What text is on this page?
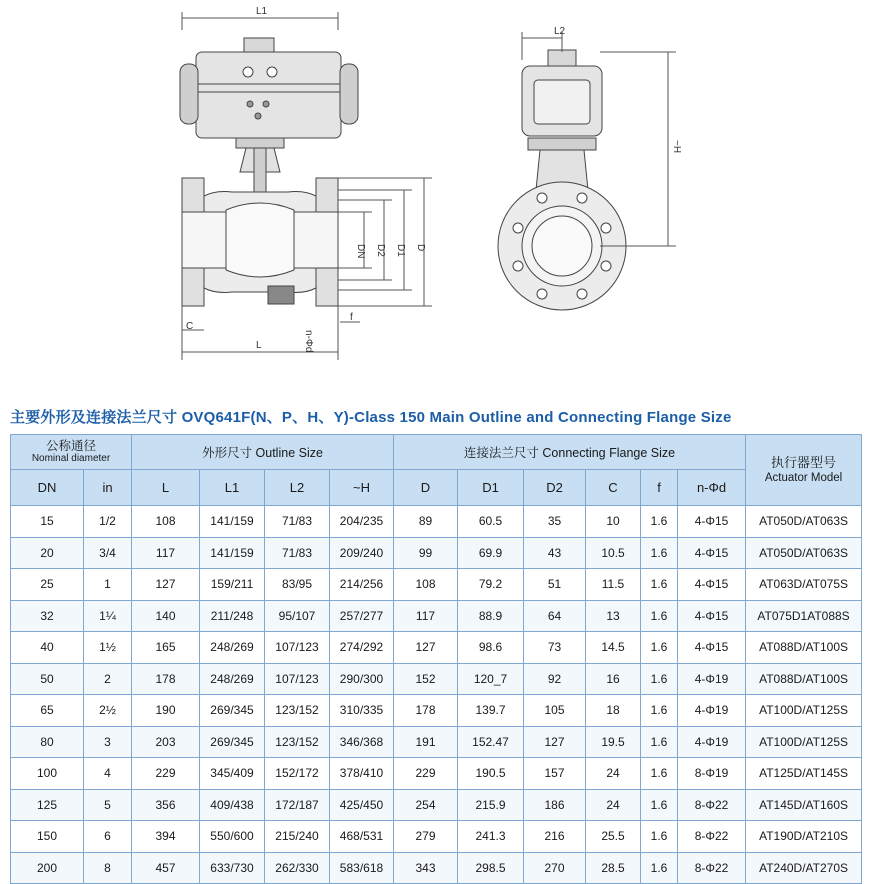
L1
L
C
DN D2 D1 D
f
n-Φd
L2
~H
主要外形及连接法兰尺寸 OVQ641F(N、P、H、Y)-Class 150 Main Outline and Connecting Flange Size
公称通径
Nominal diameter		外形尺寸 Outline Size				连接法兰尺寸 Connecting Flange Size						执行器型号
Actuator Model

DN	in	L	L1	L2	~H	D	D1	D2	C	f	n-Φd	
15	1/2	108	141/159	71/83	204/235	89	60.5	35	10	1.6	4-Φ15	AT050D/AT063S
20	3/4	117	141/159	71/83	209/240	99	69.9	43	10.5	1.6	4-Φ15	AT050D/AT063S
25	1	127	159/211	83/95	214/256	108	79.2	51	11.5	1.6	4-Φ15	AT063D/AT075S
32	1¼	140	211/248	95/107	257/277	117	88.9	64	13	1.6	4-Φ15	AT075D1AT088S
40	1½	165	248/269	107/123	274/292	127	98.6	73	14.5	1.6	4-Φ15	AT088D/AT100S
50	2	178	248/269	107/123	290/300	152	120_7	92	16	1.6	4-Φ19	AT088D/AT100S
65	2½	190	269/345	123/152	310/335	178	139.7	105	18	1.6	4-Φ19	AT100D/AT125S
80	3	203	269/345	123/152	346/368	191	152.47	127	19.5	1.6	4-Φ19	AT100D/AT125S
100	4	229	345/409	152/172	378/410	229	190.5	157	24	1.6	8-Φ19	AT125D/AT145S
125	5	356	409/438	172/187	425/450	254	215.9	186	24	1.6	8-Φ22	AT145D/AT160S
150	6	394	550/600	215/240	468/531	279	241.3	216	25.5	1.6	8-Φ22	AT190D/AT210S
200	8	457	633/730	262/330	583/618	343	298.5	270	28.5	1.6	8-Φ22	AT240D/AT270S
